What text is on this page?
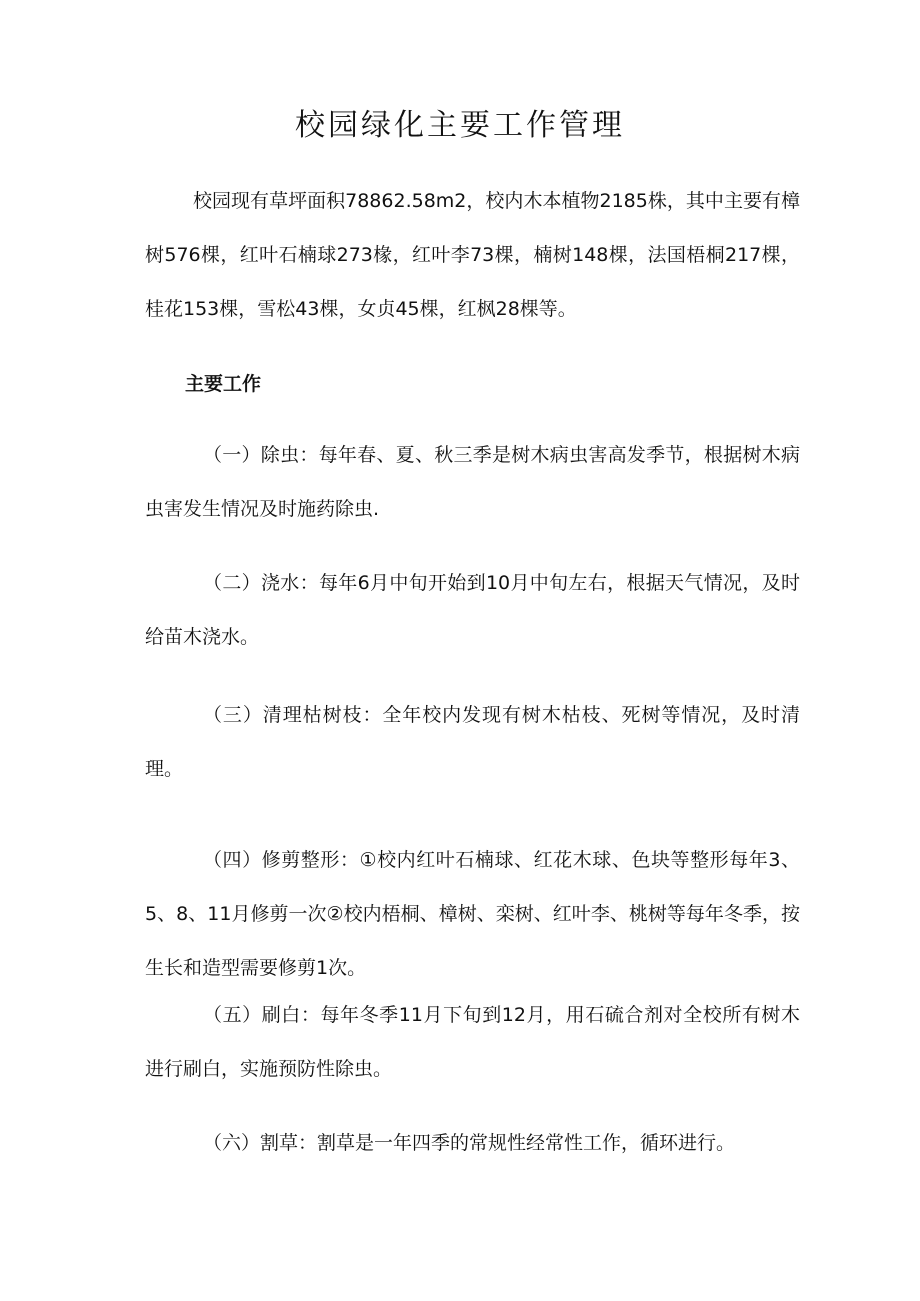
校园绿化主要工作管理

校园现有草坪面积78862.58m2，校内木本植物2185株，其中主要有樟树576棵，红叶石楠球273椽，红叶李73棵，楠树148棵，法国梧桐217棵，桂花153棵，雪松43棵，女贞45棵，红枫28棵等。

主要工作

（一）除虫：每年春、夏、秋三季是树木病虫害高发季节，根据树木病虫害发生情况及时施药除虫.

（二）浇水：每年6月中旬开始到10月中旬左右，根据天气情况，及时给苗木浇水。

（三）清理枯树枝：全年校内发现有树木枯枝、死树等情况，及时清理。

（四）修剪整形：①校内红叶石楠球、红花木球、色块等整形每年3、5、8、11月修剪一次②校内梧桐、樟树、栾树、红叶李、桃树等每年冬季，按生长和造型需要修剪1次。

（五）刷白：每年冬季11月下旬到12月，用石硫合剂对全校所有树木进行刷白，实施预防性除虫。

（六）割草：割草是一年四季的常规性经常性工作，循环进行。
